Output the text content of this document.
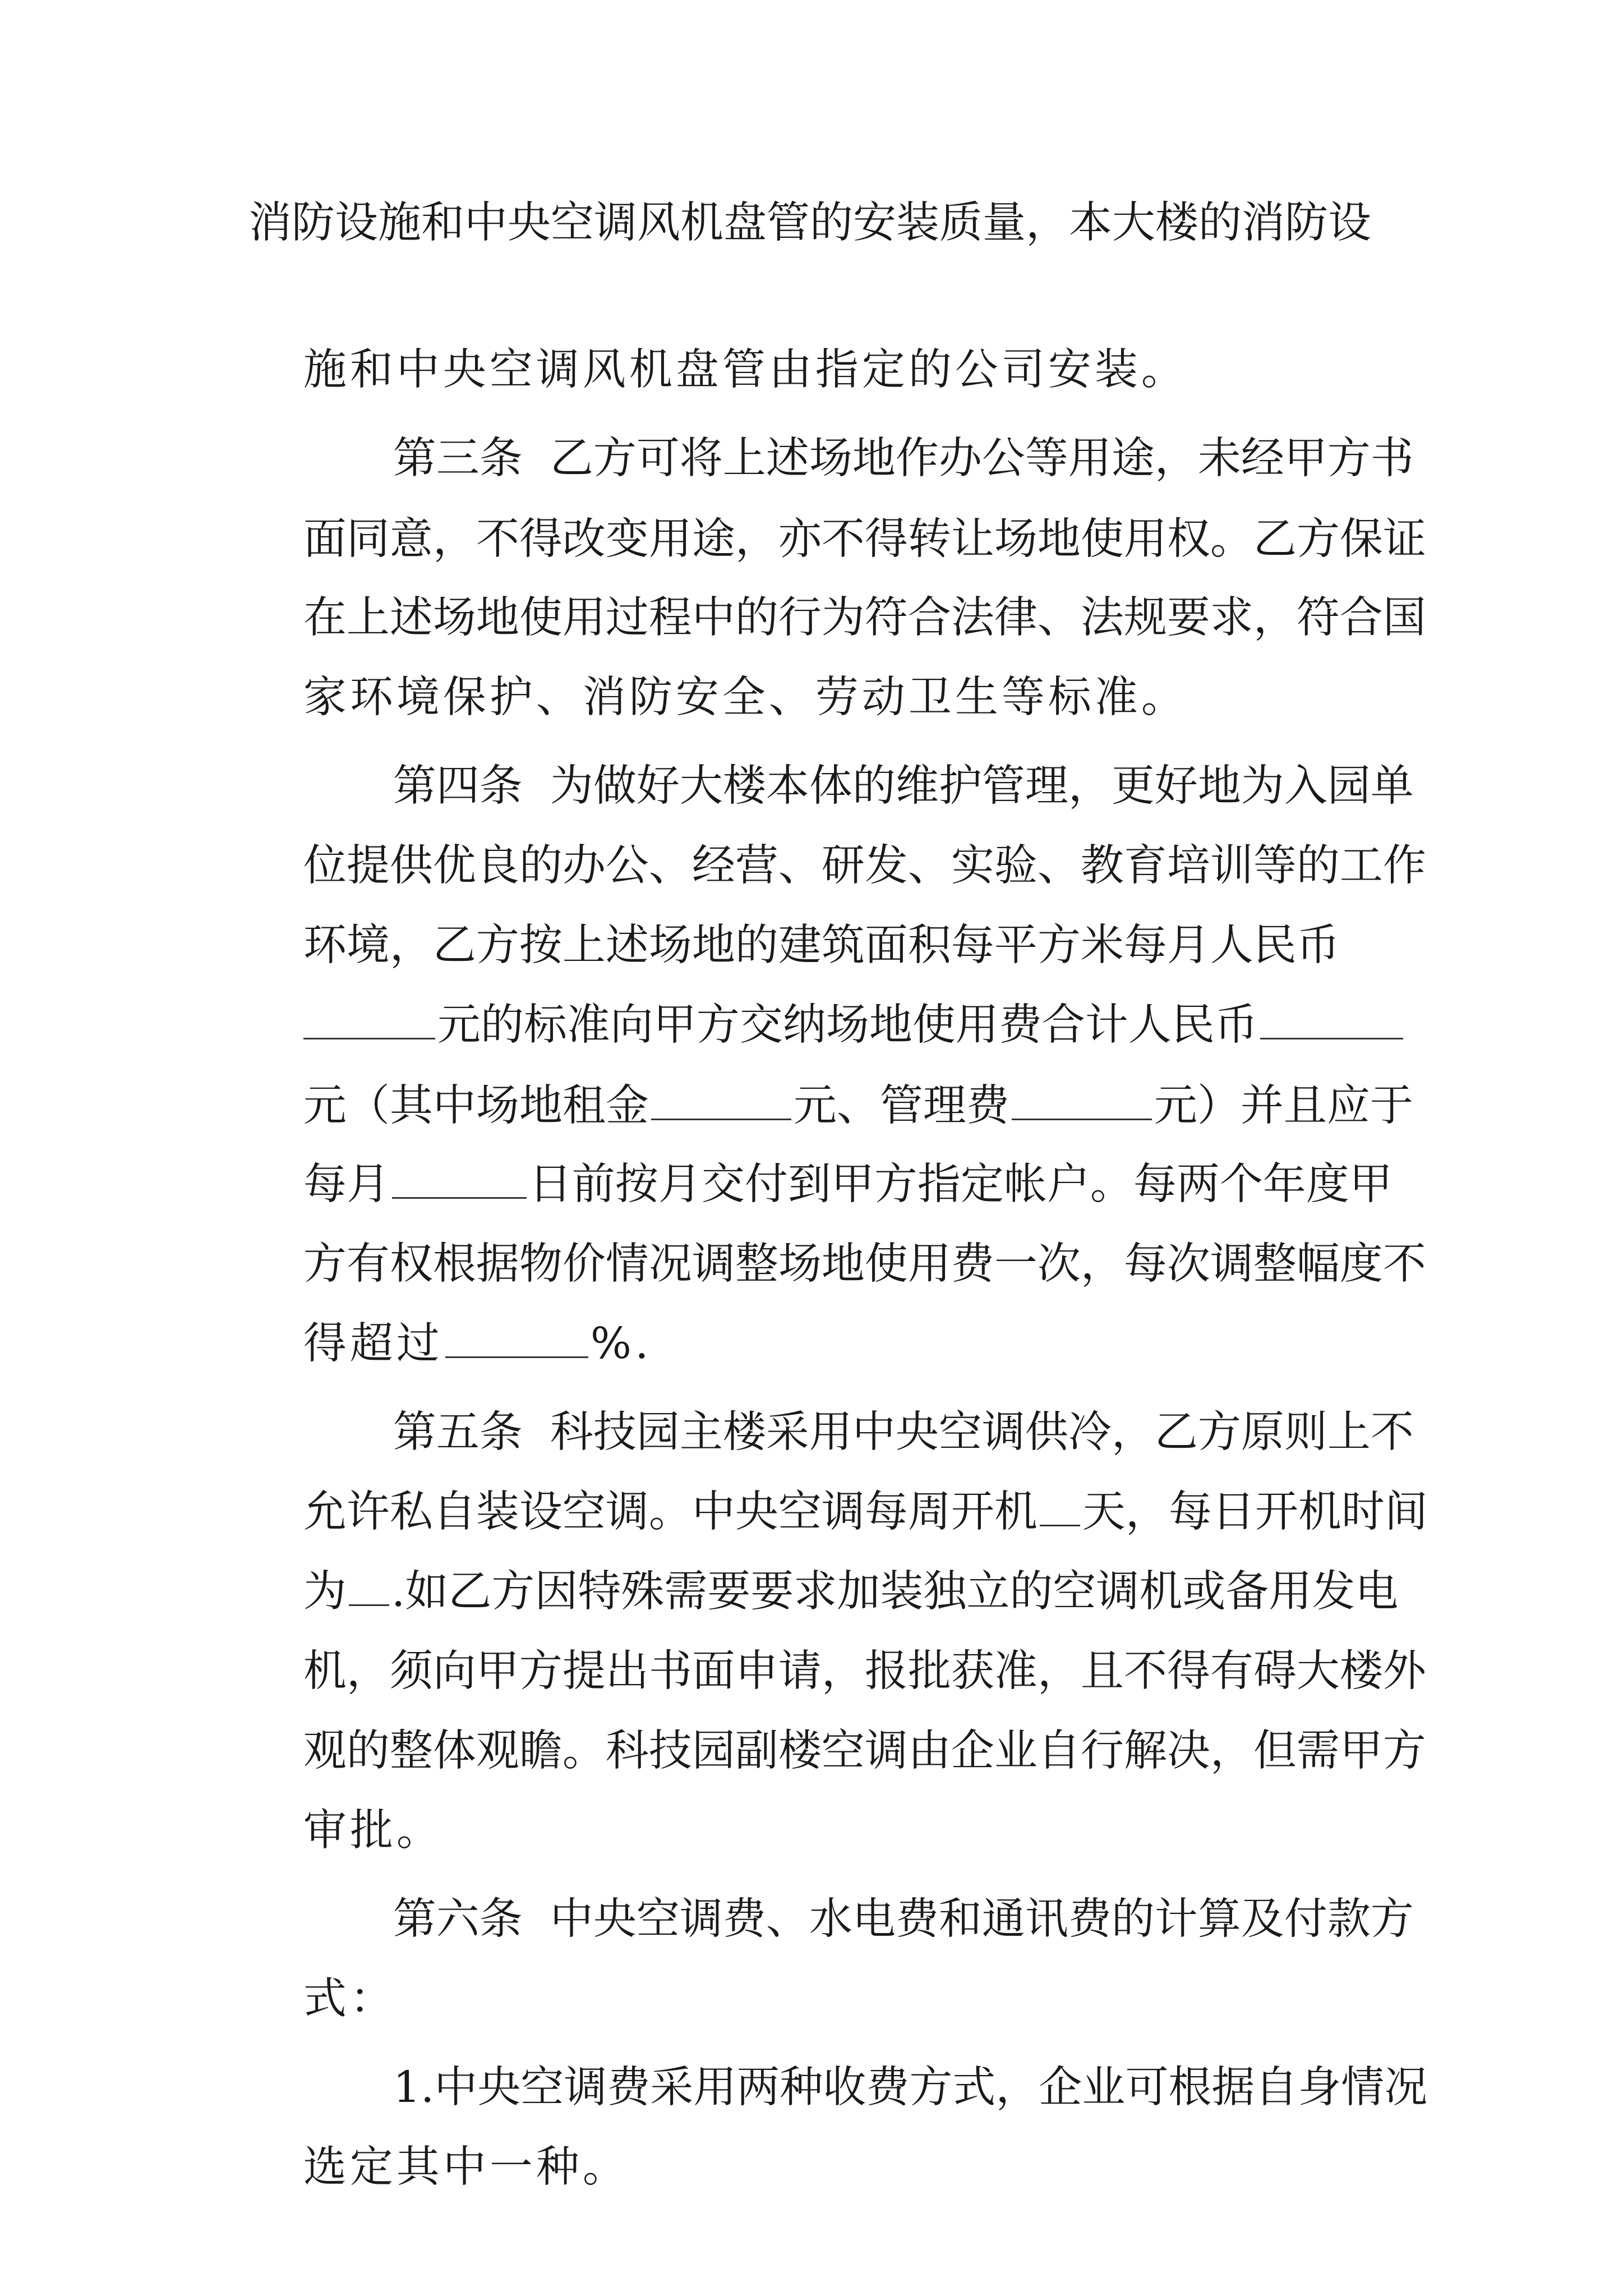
消防设施和中央空调风机盘管的安装质量，本大楼的消防设

施和中央空调风机盘管由指定的公司安装。

第三条  乙方可将上述场地作办公等用途，未经甲方书

面同意，不得改变用途，亦不得转让场地使用权。乙方保证

在上述场地使用过程中的行为符合法律、法规要求，符合国

家环境保护、消防安全、劳动卫生等标准。

第四条  为做好大楼本体的维护管理，更好地为入园单

位提供优良的办公、经营、研发、实验、教育培训等的工作

环境，乙方按上述场地的建筑面积每平方米每月人民币

元的标准向甲方交纳场地使用费合计人民币

元（其中场地租金	元、管理费	元）并且应于

每月	日前按月交付到甲方指定帐户。每两个年度甲

方有权根据物价情况调整场地使用费一次，每次调整幅度不

得超过	%.

第五条  科技园主楼采用中央空调供冷，乙方原则上不

允许私自装设空调。中央空调每周开机 天，每日开机时间

为 .如乙方因特殊需要要求加装独立的空调机或备用发电

机，须向甲方提出书面申请，报批获准，且不得有碍大楼外

观的整体观瞻。科技园副楼空调由企业自行解决，但需甲方

审批。

第六条  中央空调费、水电费和通讯费的计算及付款方

式：

1.中央空调费采用两种收费方式，企业可根据自身情况

选定其中一种。
